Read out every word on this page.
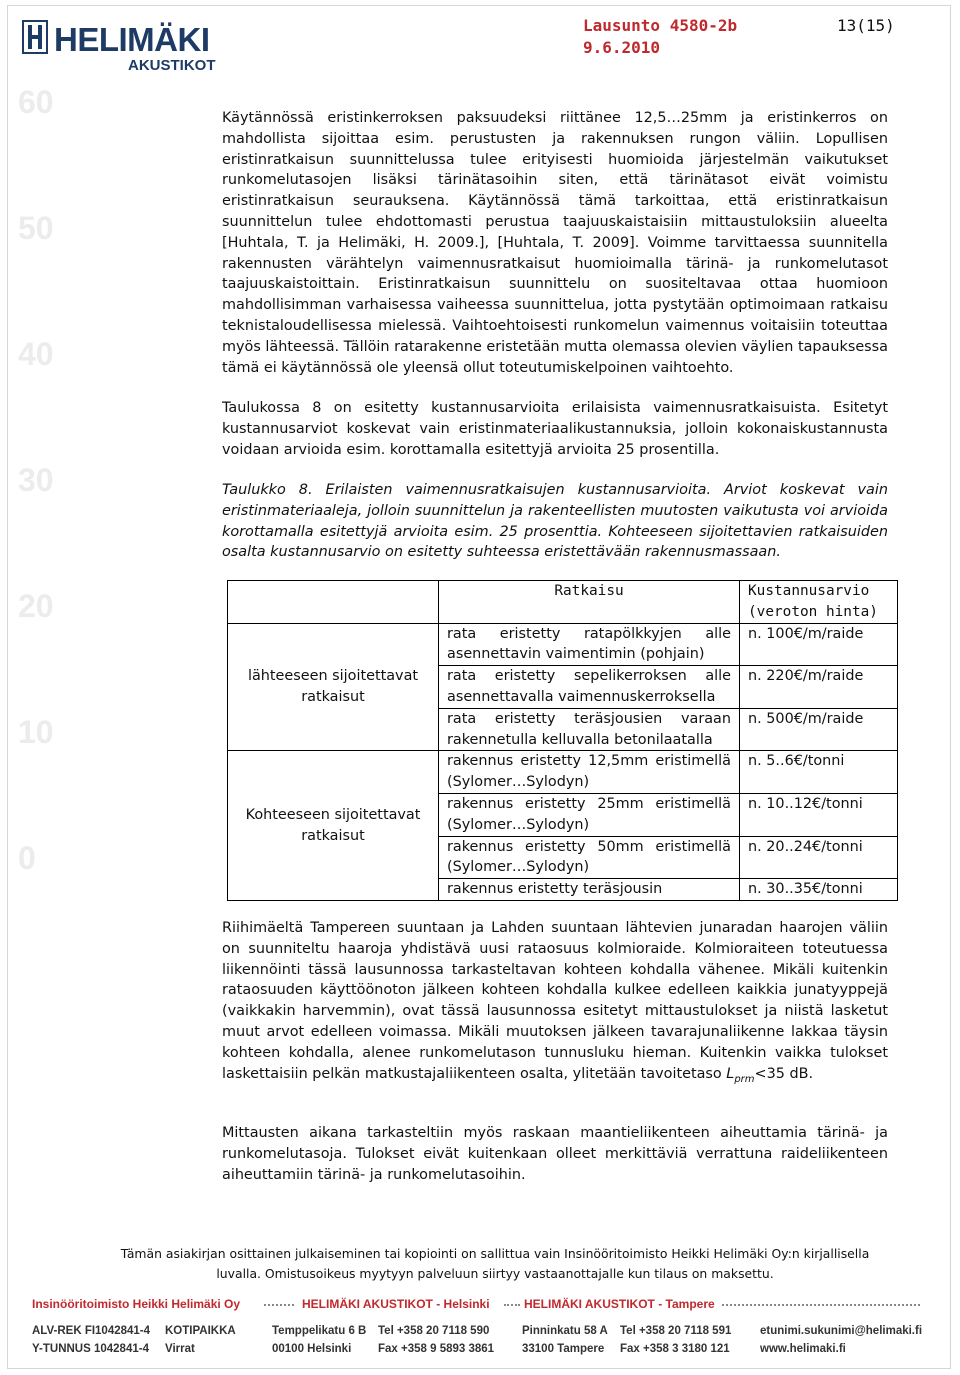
60
50
40
30
20
10
0
HELIMÄKI
AKUSTIKOT
Lausunto 4580-2b	13(15)
9.6.2010

Käytännössä eristinkerroksen paksuudeksi riittänee 12,5…25mm ja eristinkerros on mahdollista sijoittaa esim. perustusten ja rakennuksen rungon väliin. Lopullisen eristinratkaisun suunnittelussa tulee erityisesti huomioida järjestelmän vaikutukset runkomelutasojen lisäksi tärinätasoihin siten, että tärinätasot eivät voimistu eristinratkaisun seurauksena. Käytännössä tämä tarkoittaa, että eristinratkaisun suunnittelun tulee ehdottomasti perustua taajuuskaistaisiin mittaustuloksiin alueelta [Huhtala, T. ja Helimäki, H. 2009.], [Huhtala, T. 2009]. Voimme tarvittaessa suunnitella rakennusten värähtelyn vaimennusratkaisut huomioimalla tärinä- ja runkomelutasot taajuuskaistoittain. Eristinratkaisun suunnittelu on suositeltavaa ottaa huomioon mahdollisimman varhaisessa vaiheessa suunnittelua, jotta pystytään optimoimaan ratkaisu teknistaloudellisessa mielessä. Vaihtoehtoisesti runkomelun vaimennus voitaisiin toteuttaa myös lähteessä. Tällöin ratarakenne eristetään mutta olemassa olevien väylien tapauksessa tämä ei käytännössä ole yleensä ollut toteutumiskelpoinen vaihtoehto.

Taulukossa 8 on esitetty kustannusarvioita erilaisista vaimennusratkaisuista. Esitetyt kustannusarviot koskevat vain eristinmateriaalikustannuksia, jolloin kokonaiskustannusta voidaan arvioida esim. korottamalla esitettyjä arvioita 25 prosentilla.

Taulukko 8. Erilaisten vaimennusratkaisujen kustannusarvioita. Arviot koskevat vain eristinmateriaaleja, jolloin suunnittelun ja rakenteellisten muutosten vaikutusta voi arvioida korottamalla esitettyjä arvioita esim. 25 prosenttia. Kohteeseen sijoitettavien ratkaisuiden osalta kustannusarvio on esitetty suhteessa eristettävään rakennusmassaan.

	Ratkaisu	Kustannusarvio (veroton hinta)
lähteeseen sijoitettavat ratkaisut	rata eristetty ratapölkkyjen alle asennettavin vaimentimin (pohjain)	n. 100€/m/raide
	rata eristetty sepelikerroksen alle asennettavalla vaimennuskerroksella	n. 220€/m/raide
	rata eristetty teräsjousien varaan rakennetulla kelluvalla betonilaatalla	n. 500€/m/raide
Kohteeseen sijoitettavat ratkaisut	rakennus eristetty 12,5mm eristimellä (Sylomer…Sylodyn)	n. 5..6€/tonni
	rakennus eristetty 25mm eristimellä (Sylomer…Sylodyn)	n. 10..12€/tonni
	rakennus eristetty 50mm eristimellä (Sylomer…Sylodyn)	n. 20..24€/tonni
	rakennus eristetty teräsjousin	n. 30..35€/tonni

Riihimäeltä Tampereen suuntaan ja Lahden suuntaan lähtevien junaradan haarojen väliin on suunniteltu haaroja yhdistävä uusi rataosuus kolmioraide. Kolmioraiteen toteutuessa liikennöinti tässä lausunnossa tarkasteltavan kohteen kohdalla vähenee. Mikäli kuitenkin rataosuuden käyttöönoton jälkeen kohteen kohdalla kulkee edelleen kaikkia junatyyppejä (vaikkakin harvemmin), ovat tässä lausunnossa esitetyt mittaustulokset ja niistä lasketut muut arvot edelleen voimassa. Mikäli muutoksen jälkeen tavarajunaliikenne lakkaa täysin kohteen kohdalla, alenee runkomelutason tunnusluku hieman. Kuitenkin vaikka tulokset laskettaisiin pelkän matkustajaliikenteen osalta, ylitetään tavoitetaso $L_{prm}<35$ dB.

Mittausten aikana tarkasteltiin myös raskaan maantieliikenteen aiheuttamia tärinä- ja runkomelutasoja. Tulokset eivät kuitenkaan olleet merkittäviä verrattuna raideliikenteen aiheuttamiin tärinä- ja runkomelutasoihin.

Tämän asiakirjan osittainen julkaiseminen tai kopiointi on sallittua vain Insinööritoimisto Heikki Helimäki Oy:n kirjallisella luvalla. Omistusoikeus myytyyn palveluun siirtyy vastaanottajalle kun tilaus on maksettu.
Insinööritoimisto Heikki Helimäki Oy	HELIMÄKI AKUSTIKOT - Helsinki	HELIMÄKI AKUSTIKOT - Tampere
ALV-REK FI1042841-4
Y-TUNNUS 1042841-4
KOTIPAIKKA
Virrat
Temppelikatu 6 B
00100 Helsinki
Tel +358 20 7118 590
Fax +358 9 5893 3861
Pinninkatu 58 A
33100 Tampere
Tel +358 20 7118 591
Fax +358 3 3180 121
etunimi.sukunimi@helimaki.fi
www.helimaki.fi
